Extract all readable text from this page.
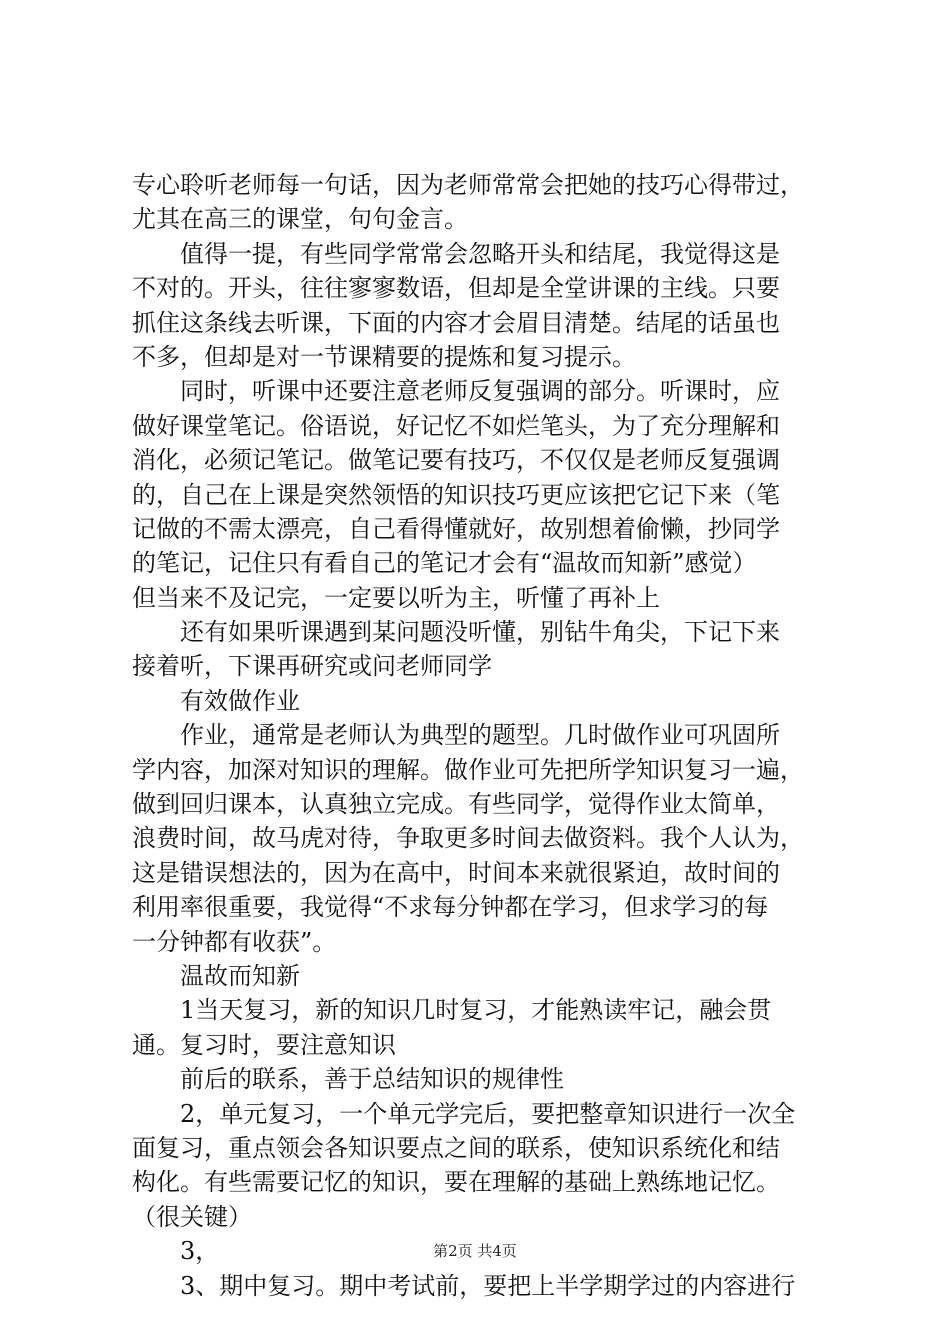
专心聆听老师每一句话，因为老师常常会把她的技巧心得带过，
尤其在高三的课堂，句句金言。
　　值得一提，有些同学常常会忽略开头和结尾，我觉得这是
不对的。开头，往往寥寥数语，但却是全堂讲课的主线。只要
抓住这条线去听课，下面的内容才会眉目清楚。结尾的话虽也
不多，但却是对一节课精要的提炼和复习提示。
　　同时，听课中还要注意老师反复强调的部分。听课时，应
做好课堂笔记。俗语说，好记忆不如烂笔头，为了充分理解和
消化，必须记笔记。做笔记要有技巧，不仅仅是老师反复强调
的，自己在上课是突然领悟的知识技巧更应该把它记下来（笔
记做的不需太漂亮，自己看得懂就好，故别想着偷懒，抄同学
的笔记，记住只有看自己的笔记才会有“温故而知新”感觉）
但当来不及记完，一定要以听为主，听懂了再补上
　　还有如果听课遇到某问题没听懂，别钻牛角尖，下记下来
接着听，下课再研究或问老师同学
　　有效做作业
　　作业，通常是老师认为典型的题型。几时做作业可巩固所
学内容，加深对知识的理解。做作业可先把所学知识复习一遍，
做到回归课本，认真独立完成。有些同学，觉得作业太简单，
浪费时间，故马虎对待，争取更多时间去做资料。我个人认为，
这是错误想法的，因为在高中，时间本来就很紧迫，故时间的
利用率很重要，我觉得“不求每分钟都在学习，但求学习的每
一分钟都有收获”。
　　温故而知新
　　1当天复习，新的知识几时复习，才能熟读牢记，融会贯
通。复习时，要注意知识
　　前后的联系，善于总结知识的规律性
　　2，单元复习，一个单元学完后，要把整章知识进行一次全
面复习，重点领会各知识要点之间的联系，使知识系统化和结
构化。有些需要记忆的知识，要在理解的基础上熟练地记忆。
（很关键）
　　3，
　　3、期中复习。期中考试前，要把上半学期学过的内容进行
第2页 共4页
